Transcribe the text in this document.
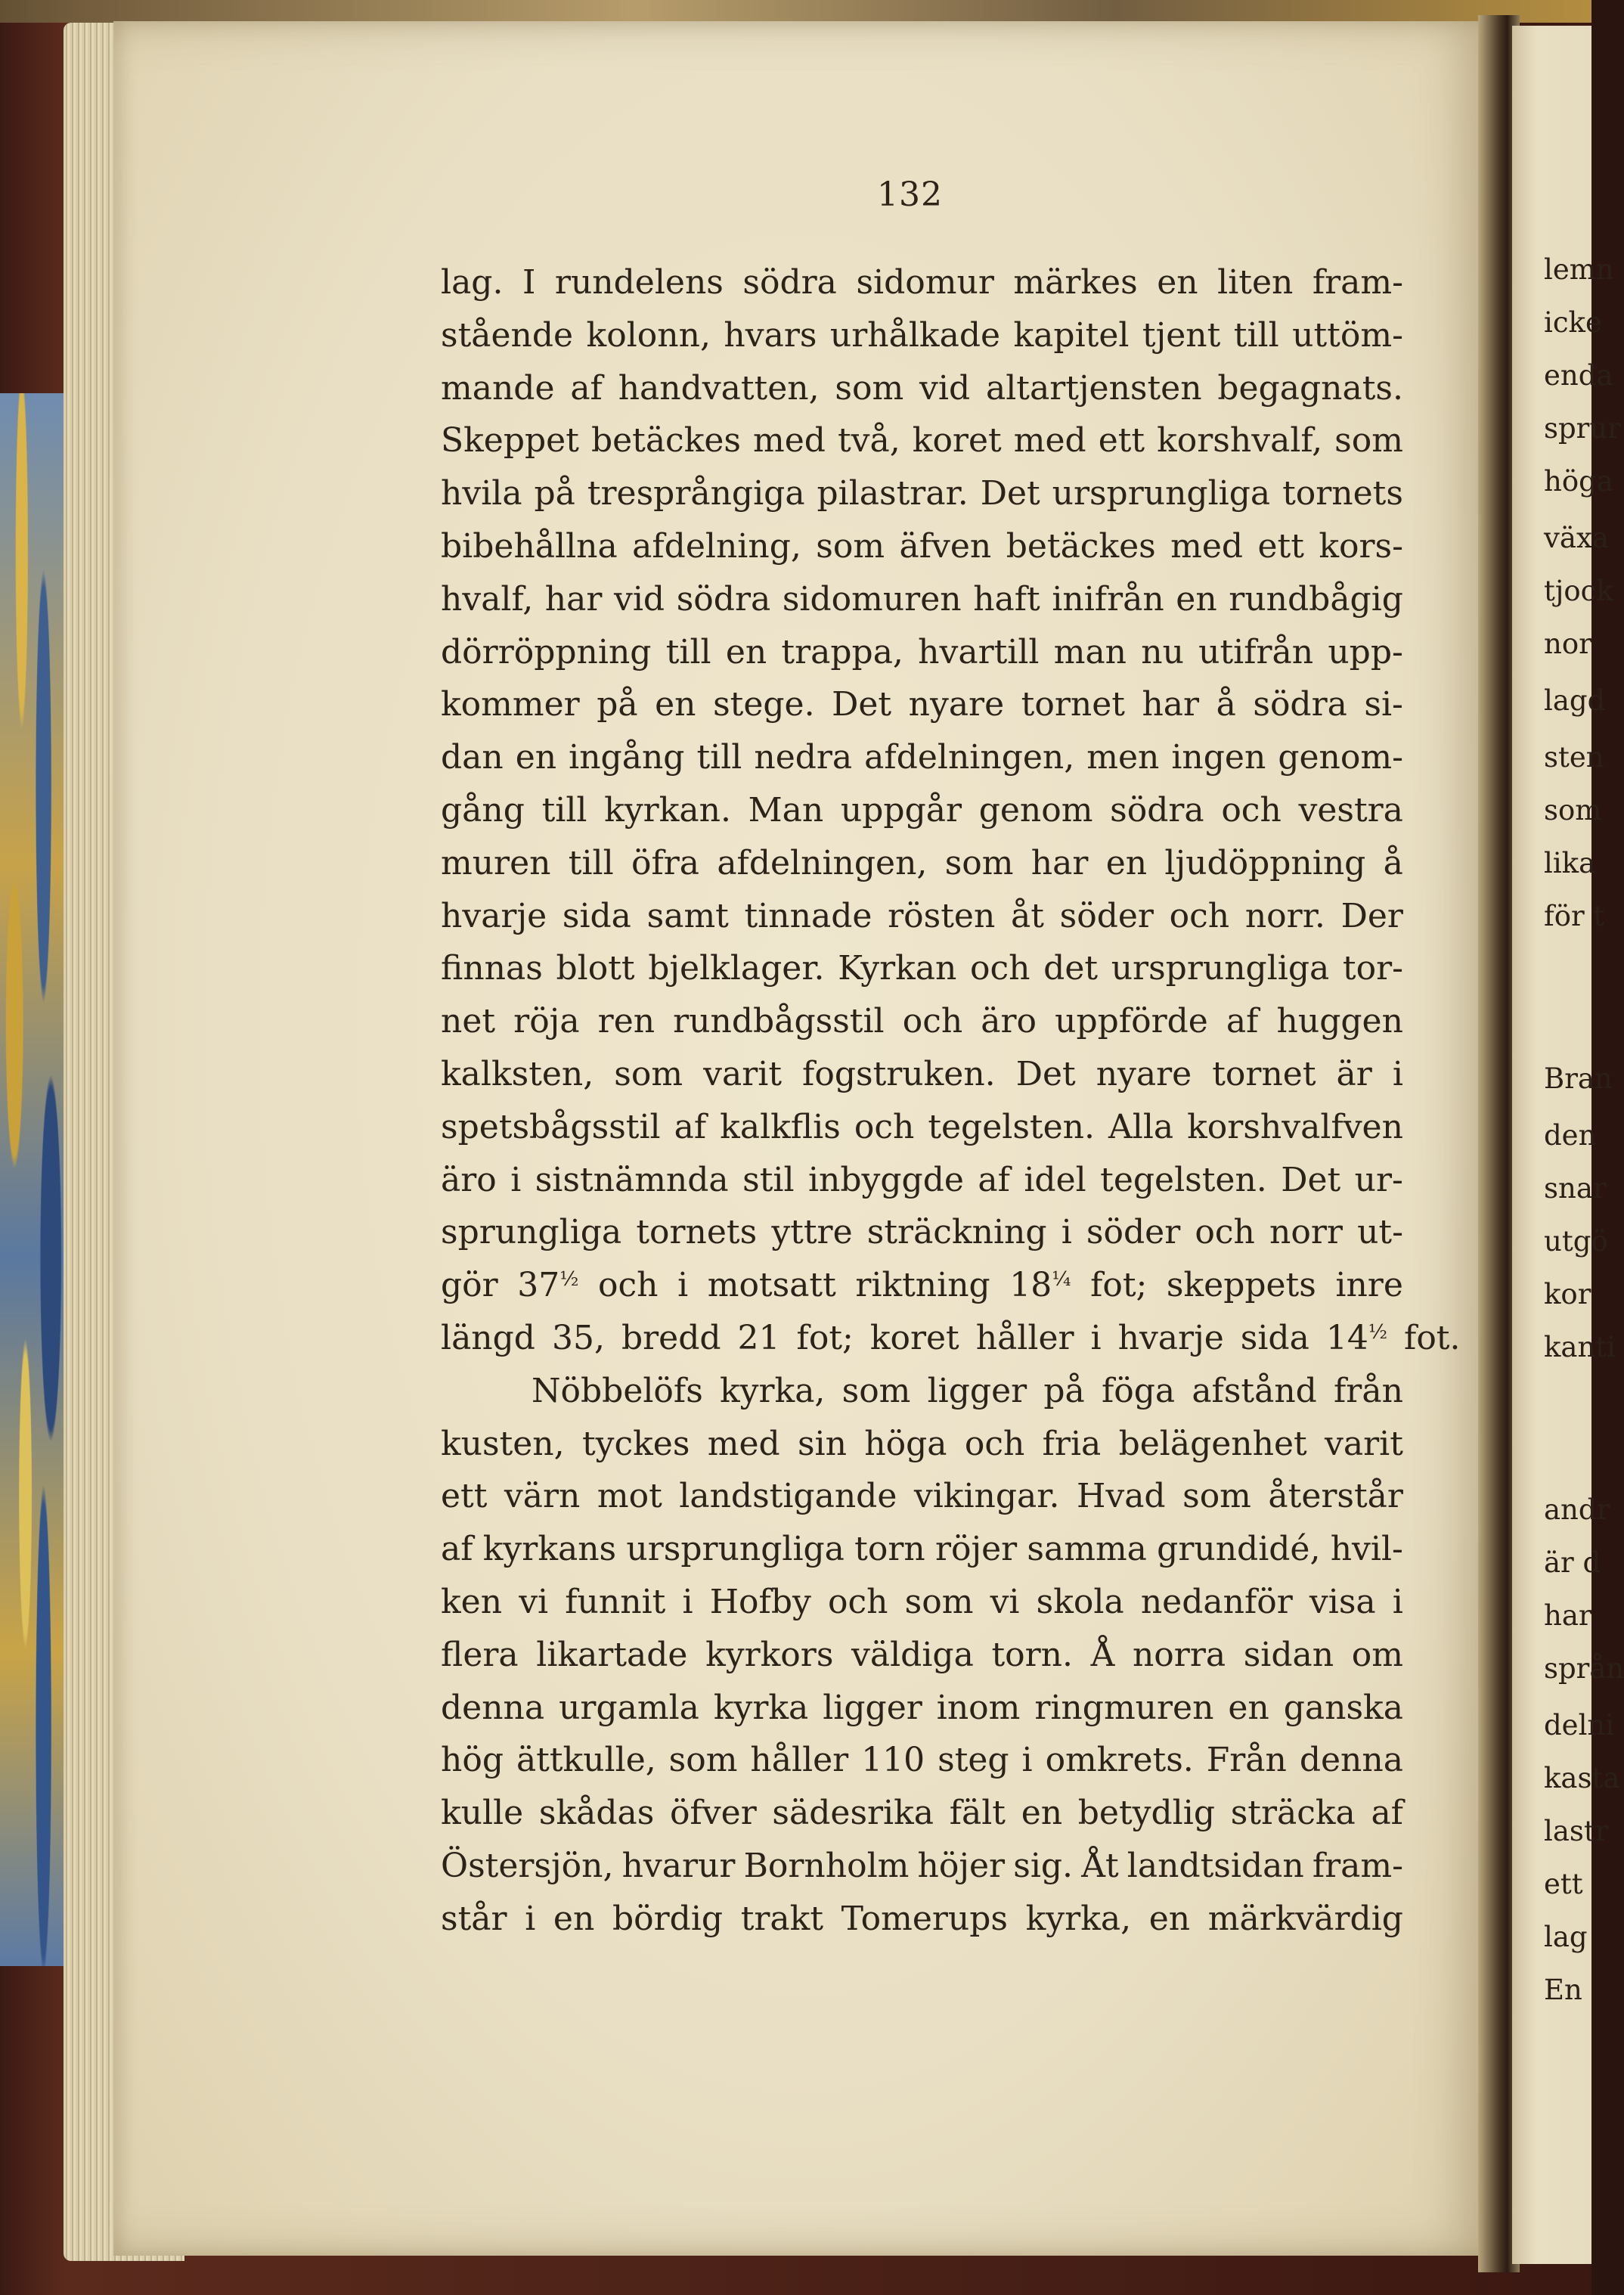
lemn
icke
enda
sprur
höga
växa
tjock
nor
lagd
sten
som
lika
för t
Bran
den
snar
utgö
kor
kanti
andr
är d
har
språn
delni
kasta
lastr
ett
lag
En
132
lag. I rundelens södra sidomur märkes en liten fram-
stående kolonn, hvars urhålkade kapitel tjent till uttöm-
mande af handvatten, som vid altartjensten begagnats.
Skeppet betäckes med två, koret med ett korshvalf, som
hvila på tresprångiga pilastrar. Det ursprungliga tornets
bibehållna afdelning, som äfven betäckes med ett kors-
hvalf, har vid södra sidomuren haft inifrån en rundbågig
dörröppning till en trappa, hvartill man nu utifrån upp-
kommer på en stege. Det nyare tornet har å södra si-
dan en ingång till nedra afdelningen, men ingen genom-
gång till kyrkan. Man uppgår genom södra och vestra
muren till öfra afdelningen, som har en ljudöppning å
hvarje sida samt tinnade rösten åt söder och norr. Der
finnas blott bjelklager. Kyrkan och det ursprungliga tor-
net röja ren rundbågsstil och äro uppförde af huggen
kalksten, som varit fogstruken. Det nyare tornet är i
spetsbågsstil af kalkflis och tegelsten. Alla korshvalfven
äro i sistnämnda stil inbyggde af idel tegelsten. Det ur-
sprungliga tornets yttre sträckning i söder och norr ut-
gör $37^{\frac{1}{2}}$ och i motsatt riktning $18^{\frac{1}{4}}$ fot; skeppets inre
längd 35, bredd 21 fot; koret håller i hvarje sida $14^{\frac{1}{2}}$ fot.
Nöbbelöfs kyrka, som ligger på föga afstånd från
kusten, tyckes med sin höga och fria belägenhet varit
ett värn mot landstigande vikingar. Hvad som återstår
af kyrkans ursprungliga torn röjer samma grundidé, hvil-
ken vi funnit i Hofby och som vi skola nedanför visa i
flera likartade kyrkors väldiga torn. Å norra sidan om
denna urgamla kyrka ligger inom ringmuren en ganska
hög ättkulle, som håller 110 steg i omkrets. Från denna
kulle skådas öfver sädesrika fält en betydlig sträcka af
Östersjön, hvarur Bornholm höjer sig. Åt landtsidan fram-
står i en bördig trakt Tomerups kyrka, en märkvärdig
